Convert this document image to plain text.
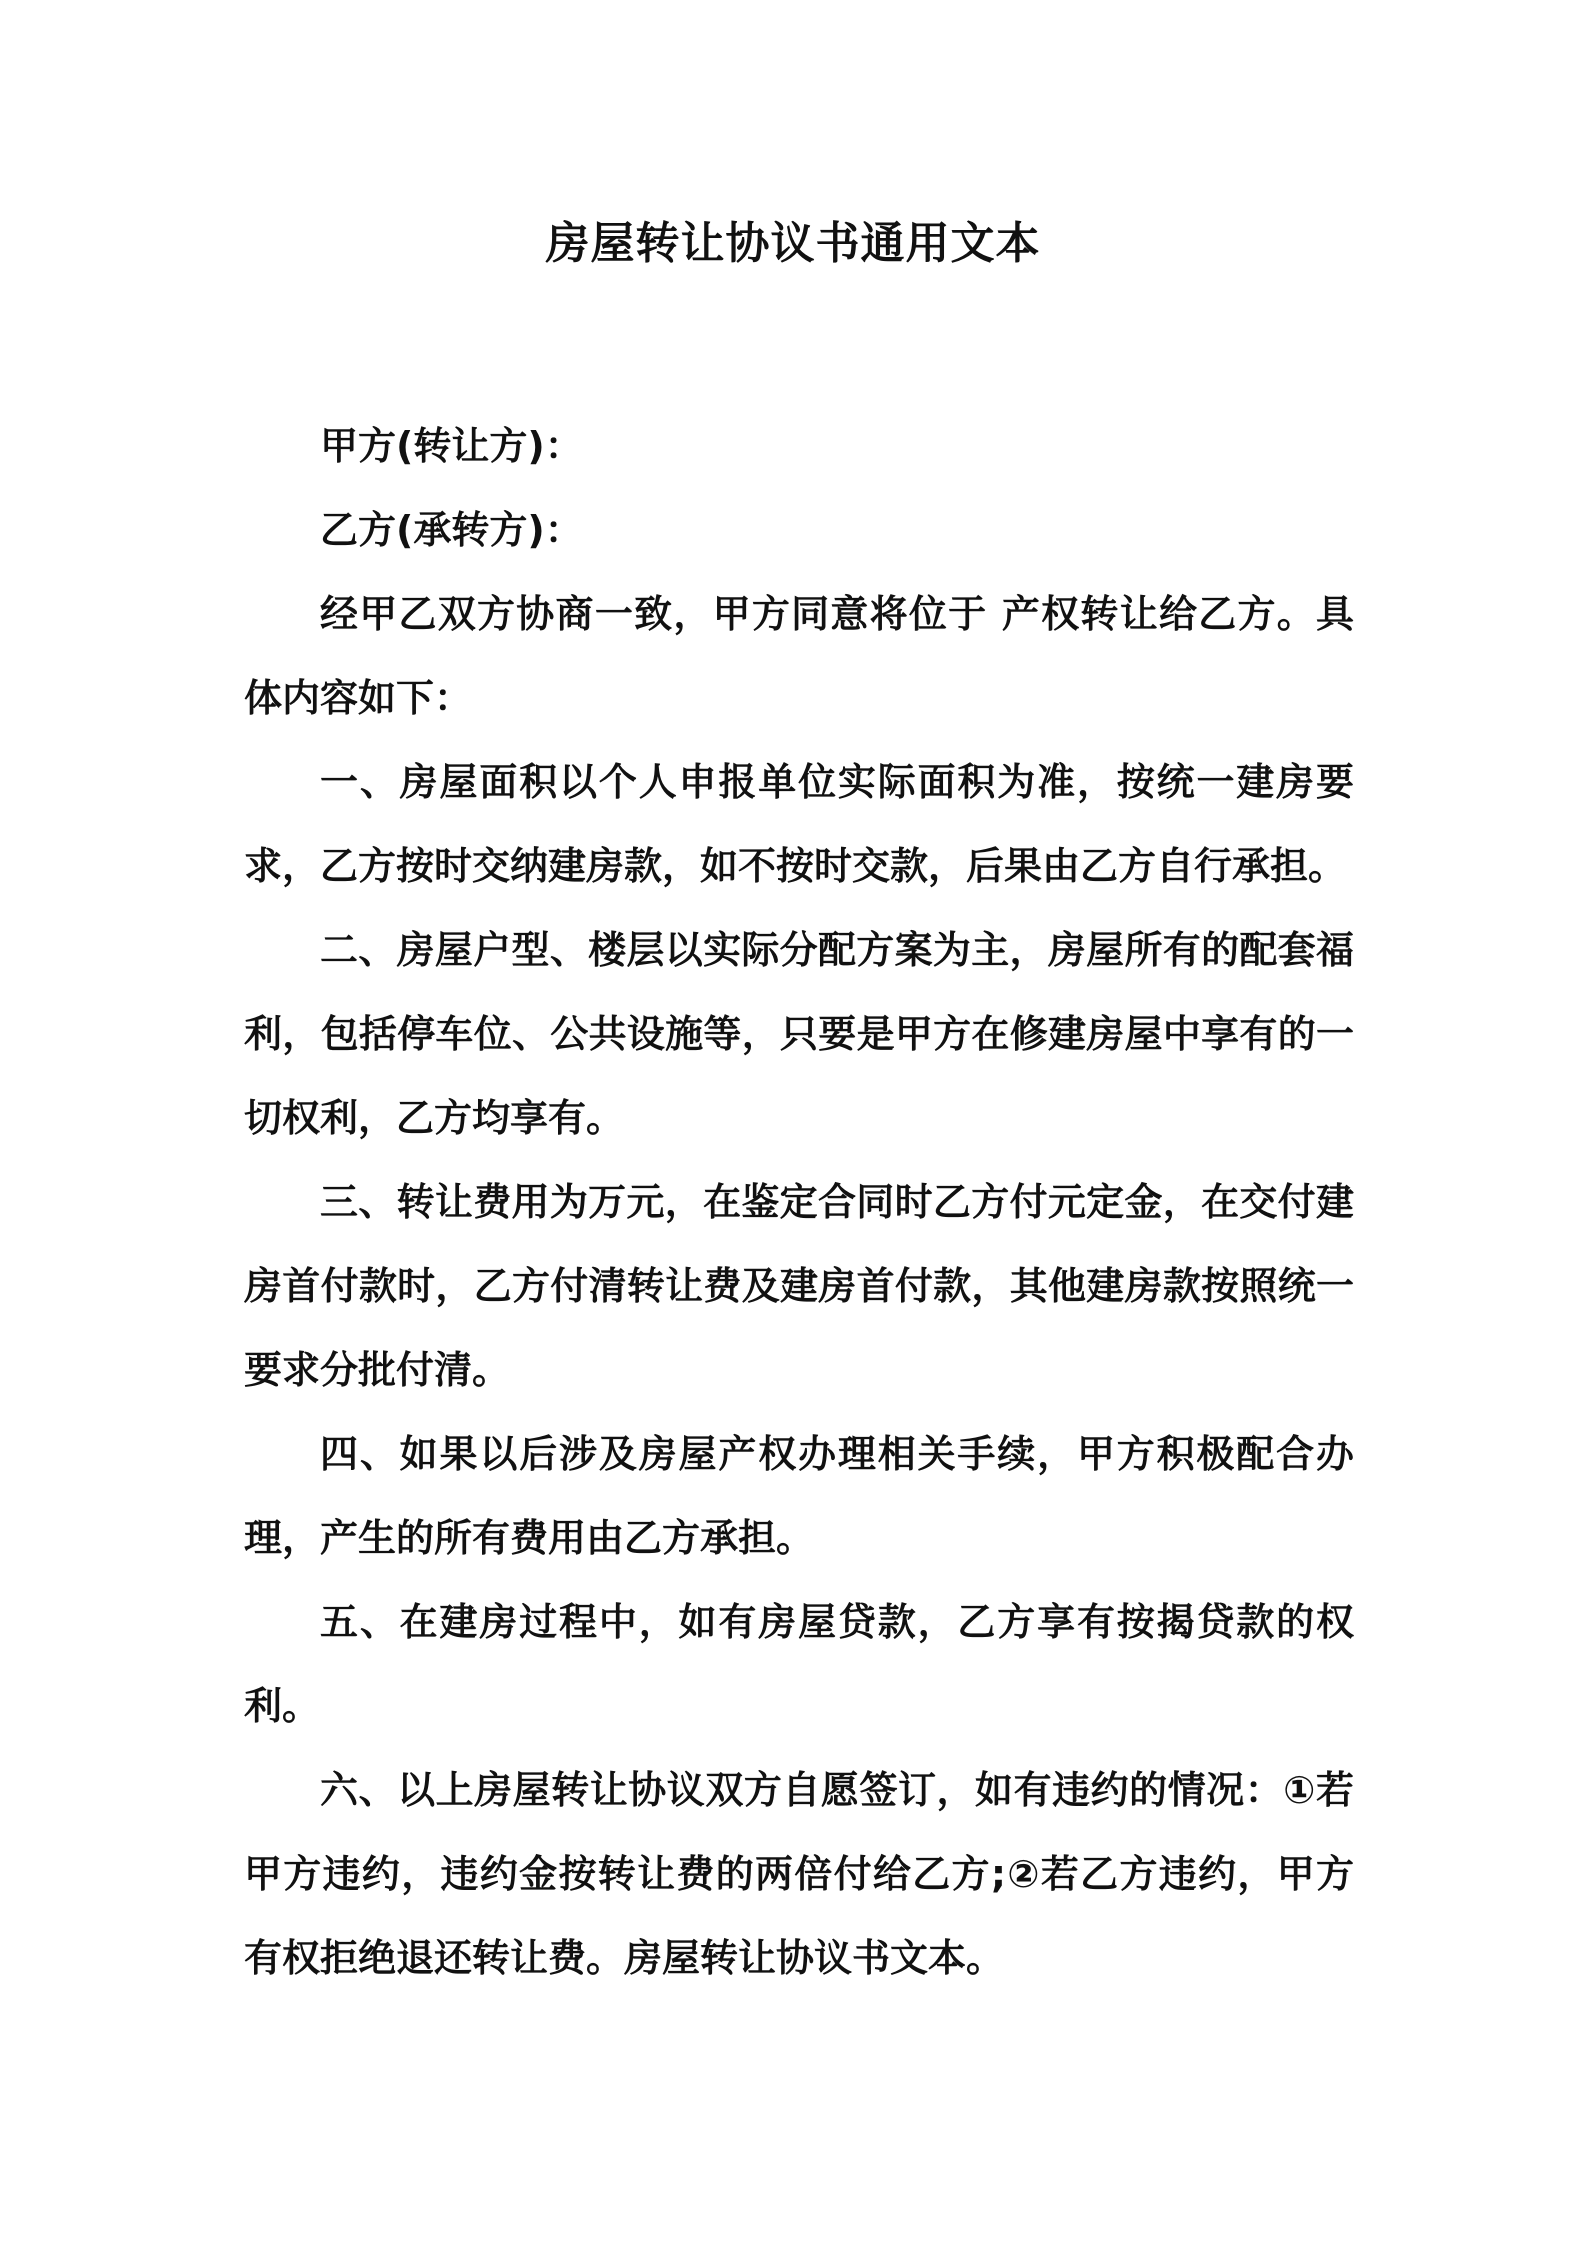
房屋转让协议书通用文本

甲方(转让方)：

乙方(承转方)：

经甲乙双方协商一致，甲方同意将位于 产权转让给乙方。具体内容如下：

一、房屋面积以个人申报单位实际面积为准，按统一建房要求，乙方按时交纳建房款，如不按时交款，后果由乙方自行承担。

二、房屋户型、楼层以实际分配方案为主，房屋所有的配套福利，包括停车位、公共设施等，只要是甲方在修建房屋中享有的一切权利，乙方均享有。

三、转让费用为万元，在鉴定合同时乙方付元定金，在交付建房首付款时，乙方付清转让费及建房首付款，其他建房款按照统一要求分批付清。

四、如果以后涉及房屋产权办理相关手续，甲方积极配合办理，产生的所有费用由乙方承担。

五、在建房过程中，如有房屋贷款，乙方享有按揭贷款的权利。

六、以上房屋转让协议双方自愿签订，如有违约的情况：①若甲方违约，违约金按转让费的两倍付给乙方;②若乙方违约，甲方有权拒绝退还转让费。房屋转让协议书文本。
